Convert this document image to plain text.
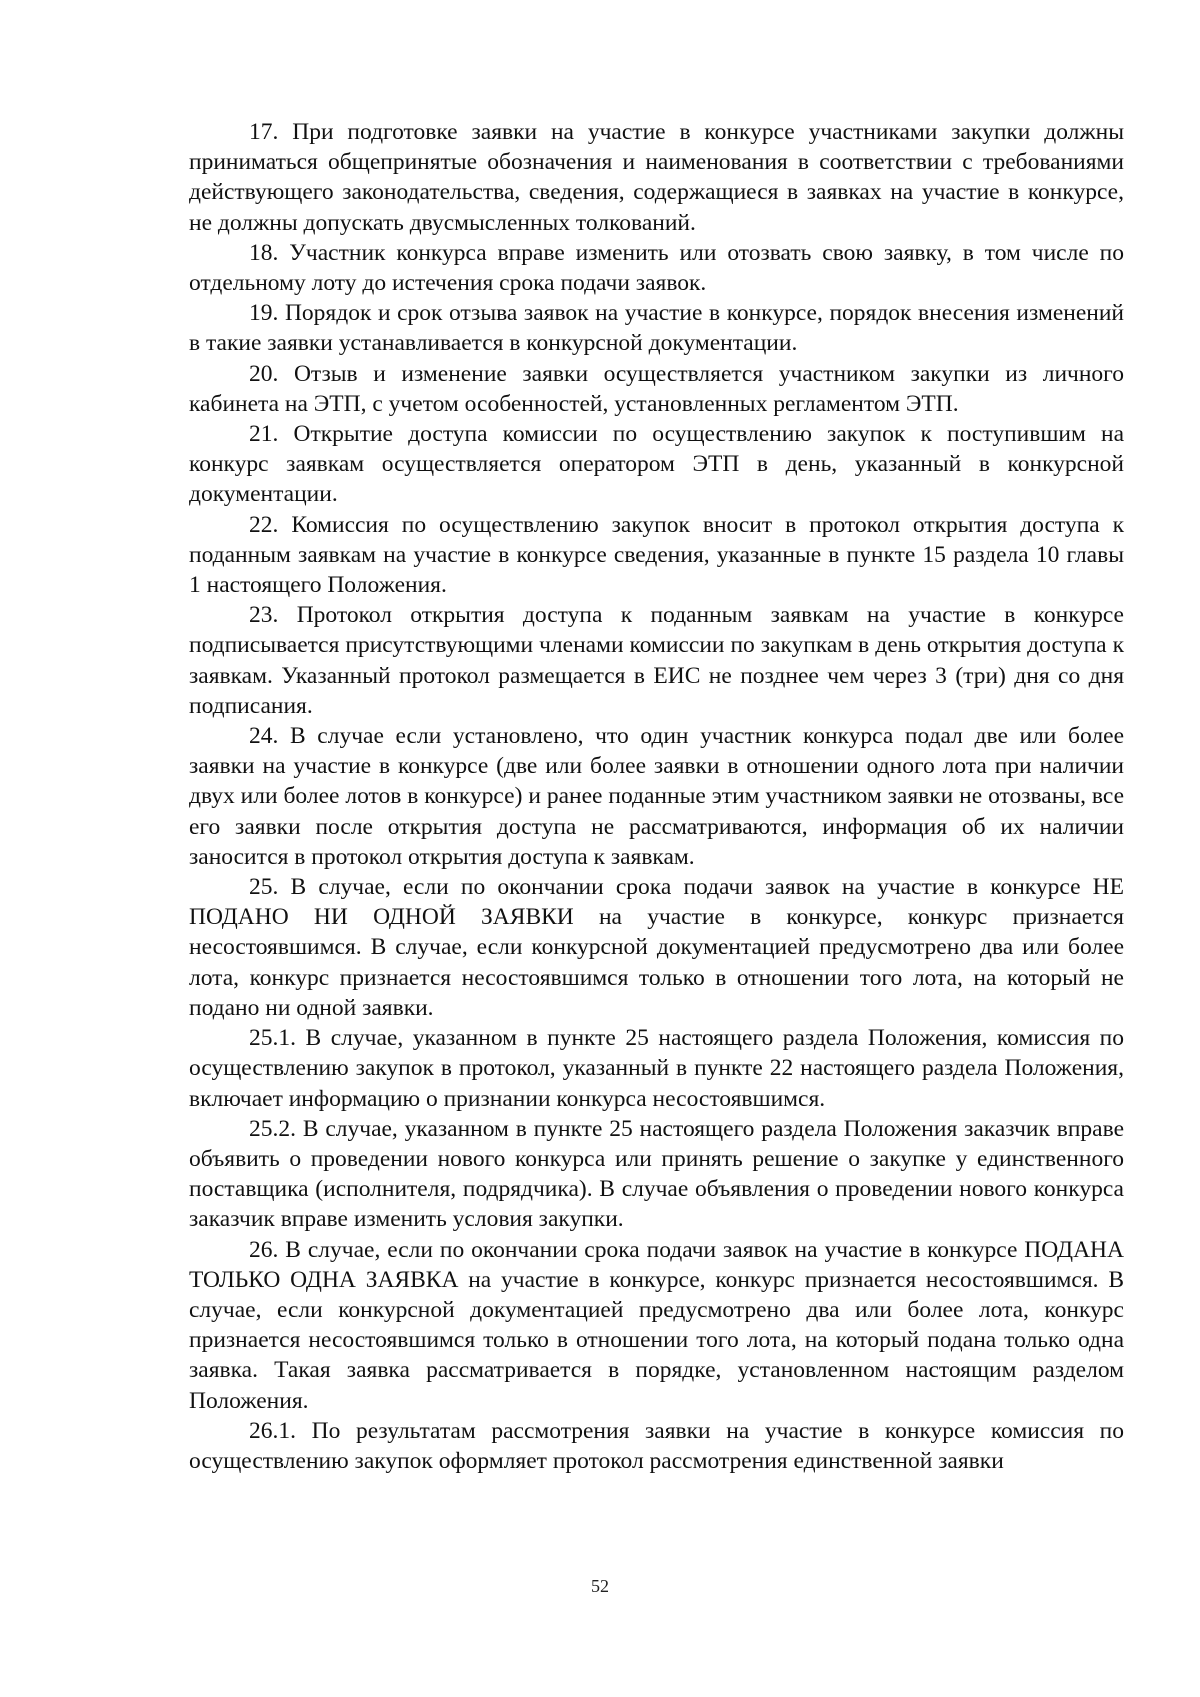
17. При подготовке заявки на участие в конкурсе участниками закупки должны приниматься общепринятые обозначения и наименования в соответствии с требованиями действующего законодательства, сведения, содержащиеся в заявках на участие в конкурсе, не должны допускать двусмысленных толкований.

18. Участник конкурса вправе изменить или отозвать свою заявку, в том числе по отдельному лоту до истечения срока подачи заявок.

19. Порядок и срок отзыва заявок на участие в конкурсе, порядок внесения изменений в такие заявки устанавливается в конкурсной документации.

20. Отзыв и изменение заявки осуществляется участником закупки из личного кабинета на ЭТП, с учетом особенностей, установленных регламентом ЭТП.

21. Открытие доступа комиссии по осуществлению закупок к поступившим на конкурс заявкам осуществляется оператором ЭТП в день, указанный в конкурсной документации.

22. Комиссия по осуществлению закупок вносит в протокол открытия доступа к поданным заявкам на участие в конкурсе сведения, указанные в пункте 15 раздела 10 главы 1 настоящего Положения.

23. Протокол открытия доступа к поданным заявкам на участие в конкурсе подписывается присутствующими членами комиссии по закупкам в день открытия доступа к заявкам. Указанный протокол размещается в ЕИС не позднее чем через 3 (три) дня со дня подписания.

24. В случае если установлено, что один участник конкурса подал две или более заявки на участие в конкурсе (две или более заявки в отношении одного лота при наличии двух или более лотов в конкурсе) и ранее поданные этим участником заявки не отозваны, все его заявки после открытия доступа не рассматриваются, информация об их наличии заносится в протокол открытия доступа к заявкам.

25. В случае, если по окончании срока подачи заявок на участие в конкурсе НЕ ПОДАНО НИ ОДНОЙ ЗАЯВКИ на участие в конкурсе, конкурс признается несостоявшимся. В случае, если конкурсной документацией предусмотрено два или более лота, конкурс признается несостоявшимся только в отношении того лота, на который не подано ни одной заявки.

25.1. В случае, указанном в пункте 25 настоящего раздела Положения, комиссия по осуществлению закупок в протокол, указанный в пункте 22 настоящего раздела Положения, включает информацию о признании конкурса несостоявшимся.

25.2. В случае, указанном в пункте 25 настоящего раздела Положения заказчик вправе объявить о проведении нового конкурса или принять решение о закупке у единственного поставщика (исполнителя, подрядчика). В случае объявления о проведении нового конкурса заказчик вправе изменить условия закупки.

26. В случае, если по окончании срока подачи заявок на участие в конкурсе ПОДАНА ТОЛЬКО ОДНА ЗАЯВКА на участие в конкурсе, конкурс признается несостоявшимся. В случае, если конкурсной документацией предусмотрено два или более лота, конкурс признается несостоявшимся только в отношении того лота, на который подана только одна заявка. Такая заявка рассматривается в порядке, установленном настоящим разделом Положения.

26.1. По результатам рассмотрения заявки на участие в конкурсе комиссия по осуществлению закупок оформляет протокол рассмотрения единственной заявки

52
